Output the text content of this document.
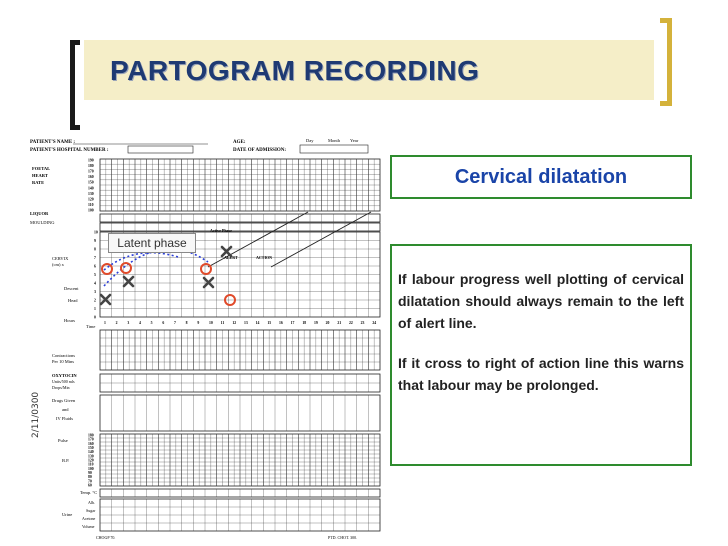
PARTOGRAM RECORDING
PATIENT'S NAME :
PATIENT'S HOSPITAL NUMBER :
AGE:
DATE OF ADMISSION:
Day	Month Year
FOETAL
HEART
RATE
LIQUOR
MOULDING
CERVIX
(cm) x
Descent
Head
Hours
Time
Contractions
Per 10 Mins
OXYTOCIN
Units/500 mls
Drops/Min
Drugs Given
and
IV Fluids
Pulse
B.P.
Temp. °C
Urine
Alb.
Sugar
Acetone
Volume
CHOGP 70.	PTD. CHOT. 300.
2/11/0300
190
180
170
160
150
140
130
120
110
100
10
9
8
7
6
5
4
3
2
1
0
180
170
160
150
140
130
120
110
100
90
80
70
60
1	2	3	4	5	6	7	8	9	10 11 12 13 14 15 16 17 18 19 20 21 22 23 24
Active Phase
ALERT	ACTION
Latent phase
Cervical dilatation

If labour progress well plotting of cervical dilatation should always remain to the left of alert line.

If it cross to right of action line this warns that labour may be prolonged.
